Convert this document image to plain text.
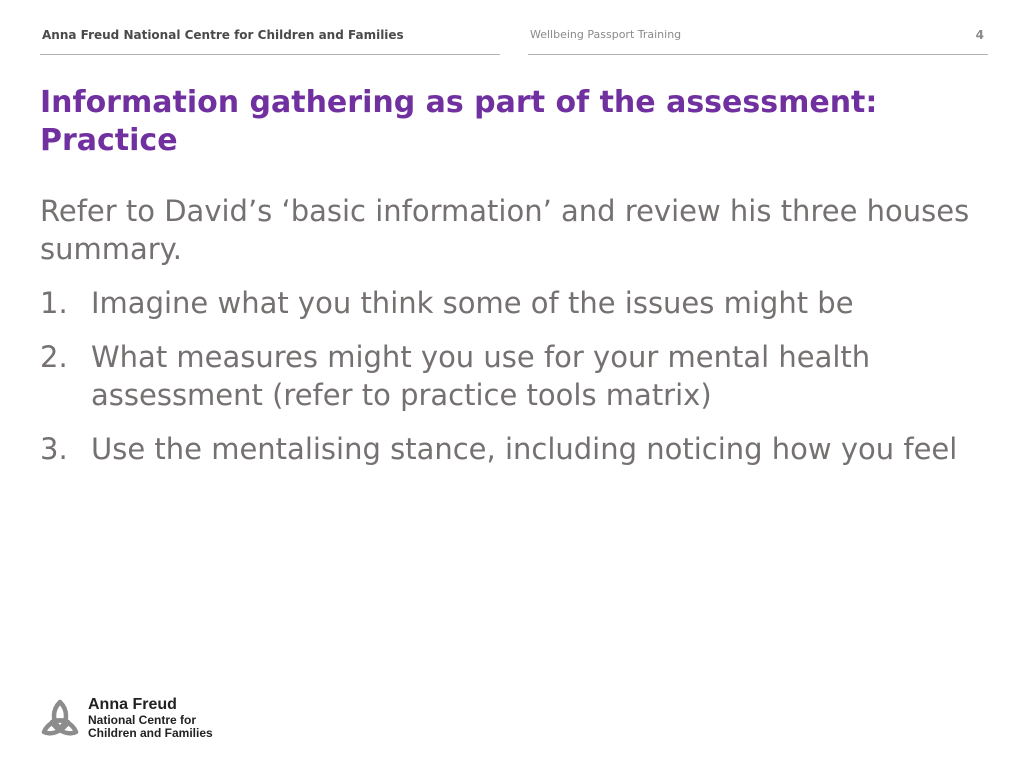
Anna Freud National Centre for Children and Families	Wellbeing Passport Training	4
Information gathering as part of the assessment:
Practice

Refer to David’s ‘basic information’ and review his three houses summary.

1. Imagine what you think some of the issues might be
2. What measures might you use for your mental health assessment (refer to practice tools matrix)
3. Use the mentalising stance, including noticing how you feel
Anna Freud
National Centre for
Children and Families
